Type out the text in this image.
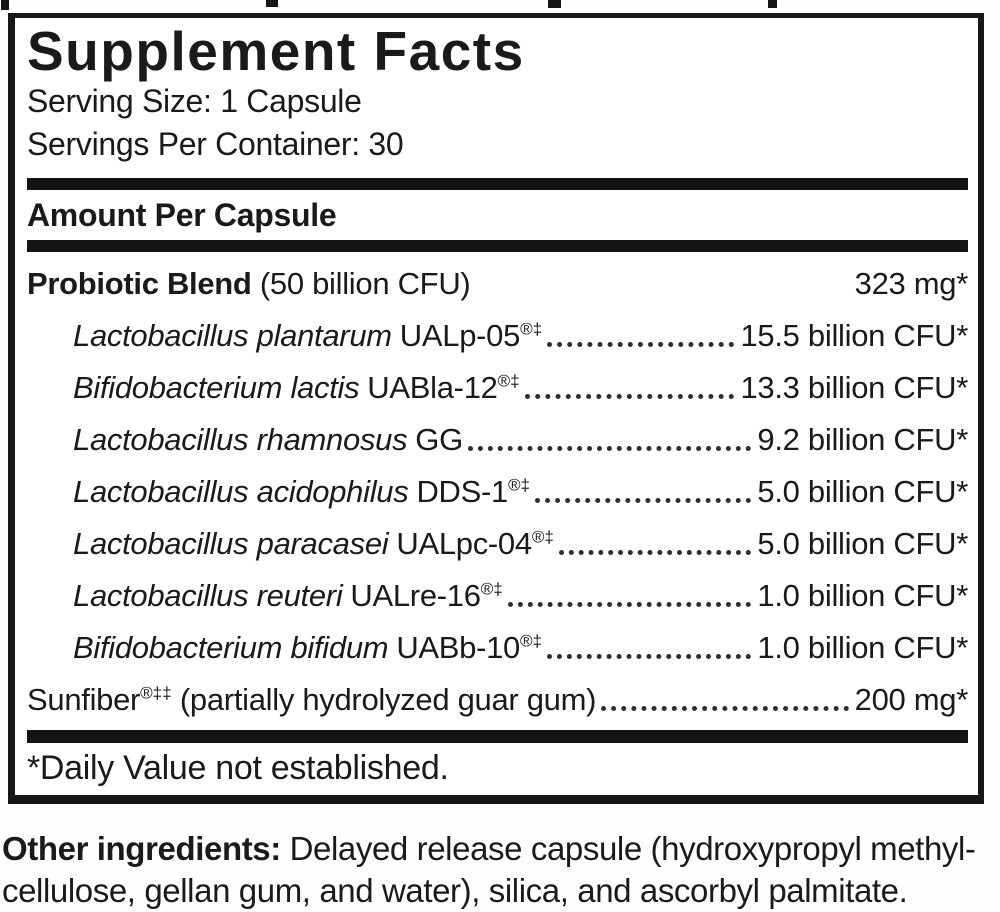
Supplement Facts
Serving Size: 1 Capsule
Servings Per Container: 30
Amount Per Capsule
Probiotic Blend (50 billion CFU)	323 mg*
Lactobacillus plantarum UALp-05®‡	15.5 billion CFU*
Bifidobacterium lactis UABla-12®‡	13.3 billion CFU*
Lactobacillus rhamnosus GG	9.2 billion CFU*
Lactobacillus acidophilus DDS-1®‡	5.0 billion CFU*
Lactobacillus paracasei UALpc-04®‡	5.0 billion CFU*
Lactobacillus reuteri UALre-16®‡	1.0 billion CFU*
Bifidobacterium bifidum UABb-10®‡	1.0 billion CFU*
Sunfiber®‡‡ (partially hydrolyzed guar gum)	200 mg*
*Daily Value not established.
Other ingredients: Delayed release capsule (hydroxypropyl methyl-
cellulose, gellan gum, and water), silica, and ascorbyl palmitate.
